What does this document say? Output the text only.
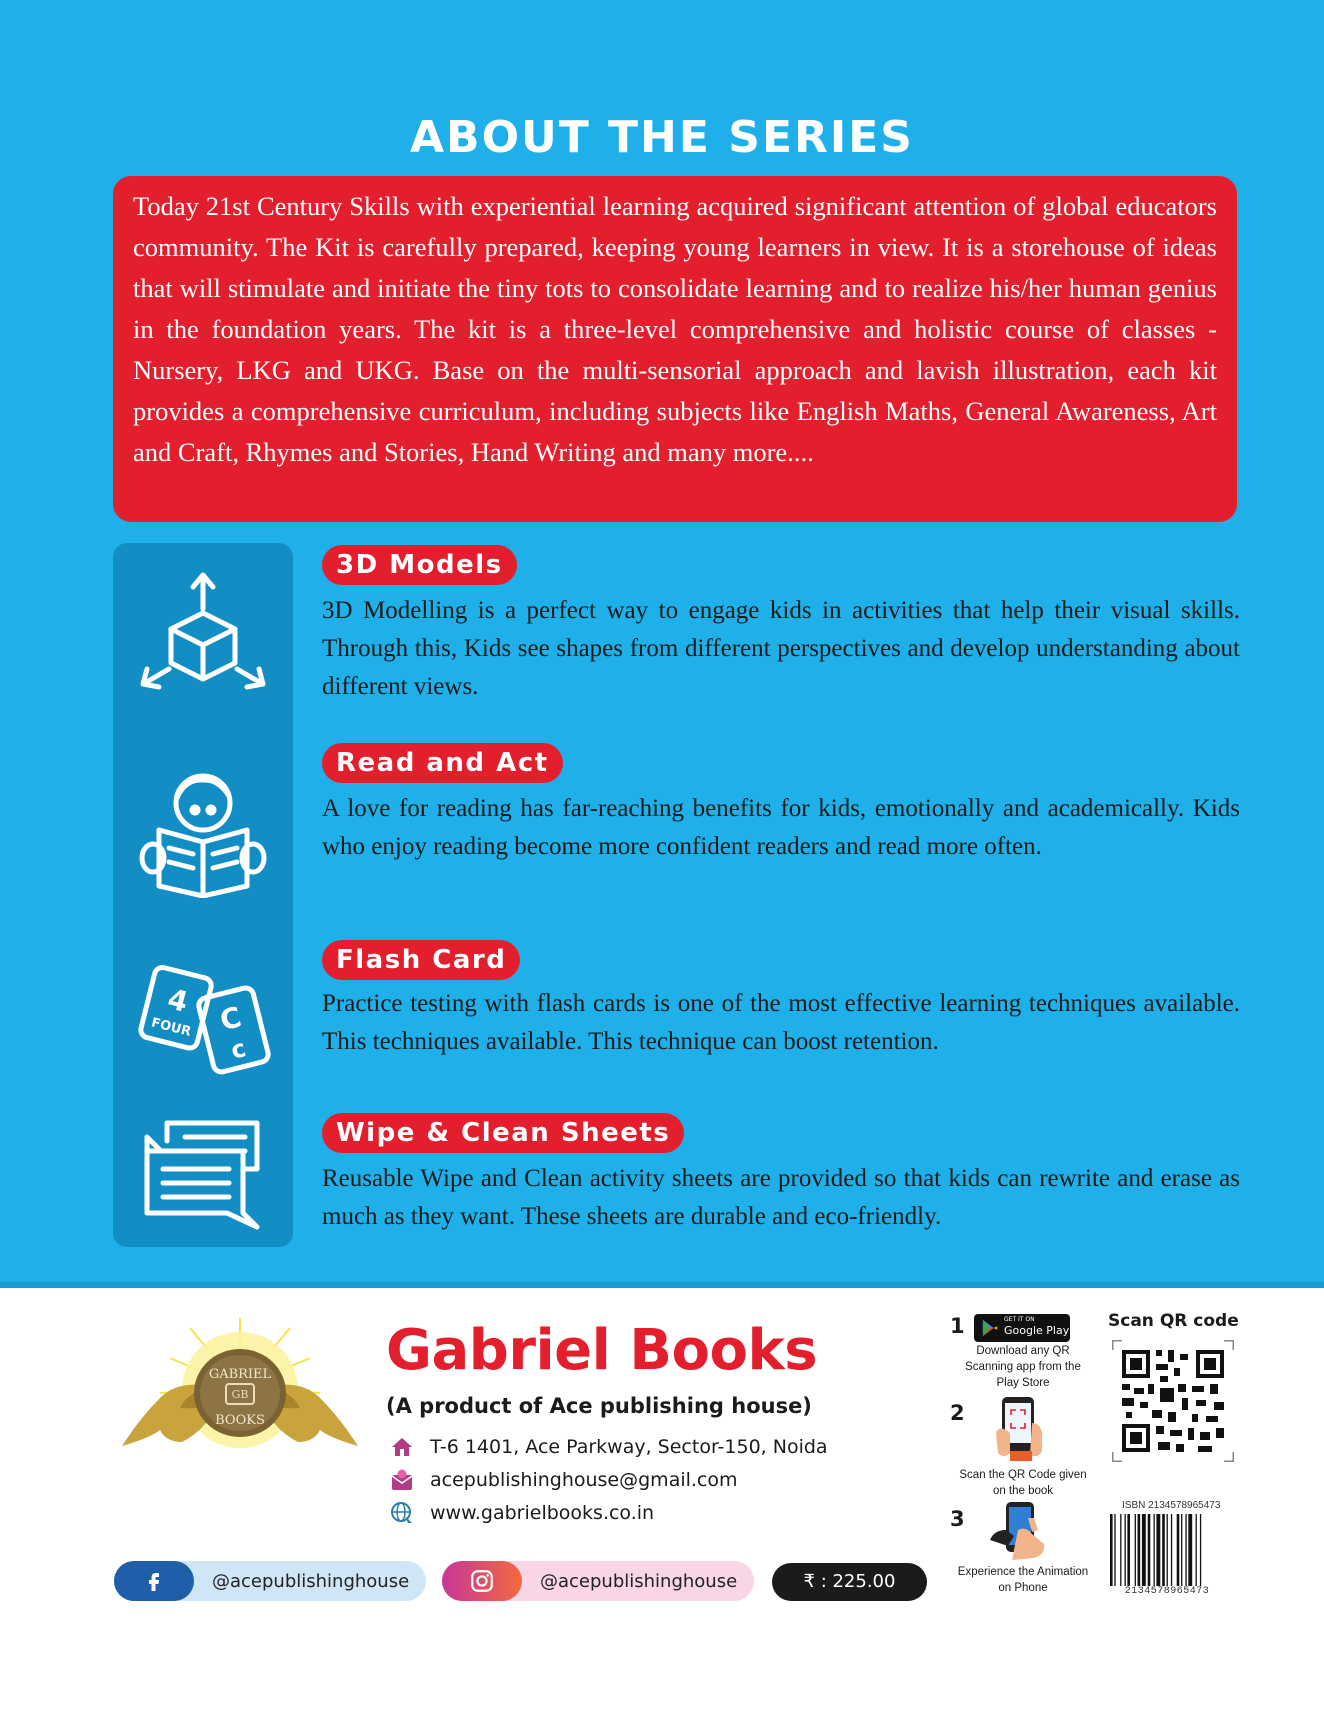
ABOUT THE SERIES

Today 21st Century Skills with experiential learning acquired significant attention of global educators community. The Kit is carefully prepared, keeping young learners in view. It is a storehouse of ideas that will stimulate and initiate the tiny tots to consolidate learning and to realize his/her human genius in the foundation years. The kit is a three-level comprehensive and holistic course of classes - Nursery, LKG and UKG. Base on the multi-sensorial approach and lavish illustration, each kit provides a comprehensive curriculum, including subjects like English Maths, General Awareness, Art and Craft, Rhymes and Stories, Hand Writing and many more....

4
FOUR C
c
3D Models
3D Modelling is a perfect way to engage kids in activities that help their visual skills. Through this, Kids see shapes from different perspectives and develop understanding about different views.
Read and Act
A love for reading has far-reaching benefits for kids, emotionally and academically. Kids who enjoy reading become more confident readers and read more often.
Flash Card
Practice testing with flash cards is one of the most effective learning techniques available. This techniques available. This technique can boost retention.
Wipe & Clean Sheets
Reusable Wipe and Clean activity sheets are provided so that kids can rewrite and erase as much as they want. These sheets are durable and eco-friendly.
GB
GABRIEL
BOOKS
Gabriel Books
(A product of Ace publishing house)
T-6 1401, Ace Parkway, Sector-150, Noida
acepublishinghouse@gmail.com
www.gabrielbooks.co.in
@acepublishinghouse	@acepublishinghouse	₹ : 225.00
1	GET IT ON
Google Play
Download any QR Scanning app from the Play Store
2
Scan the QR Code given on the book
3
Experience the Animation on Phone
Scan QR code
ISBN 2134578965473
2134578965473
